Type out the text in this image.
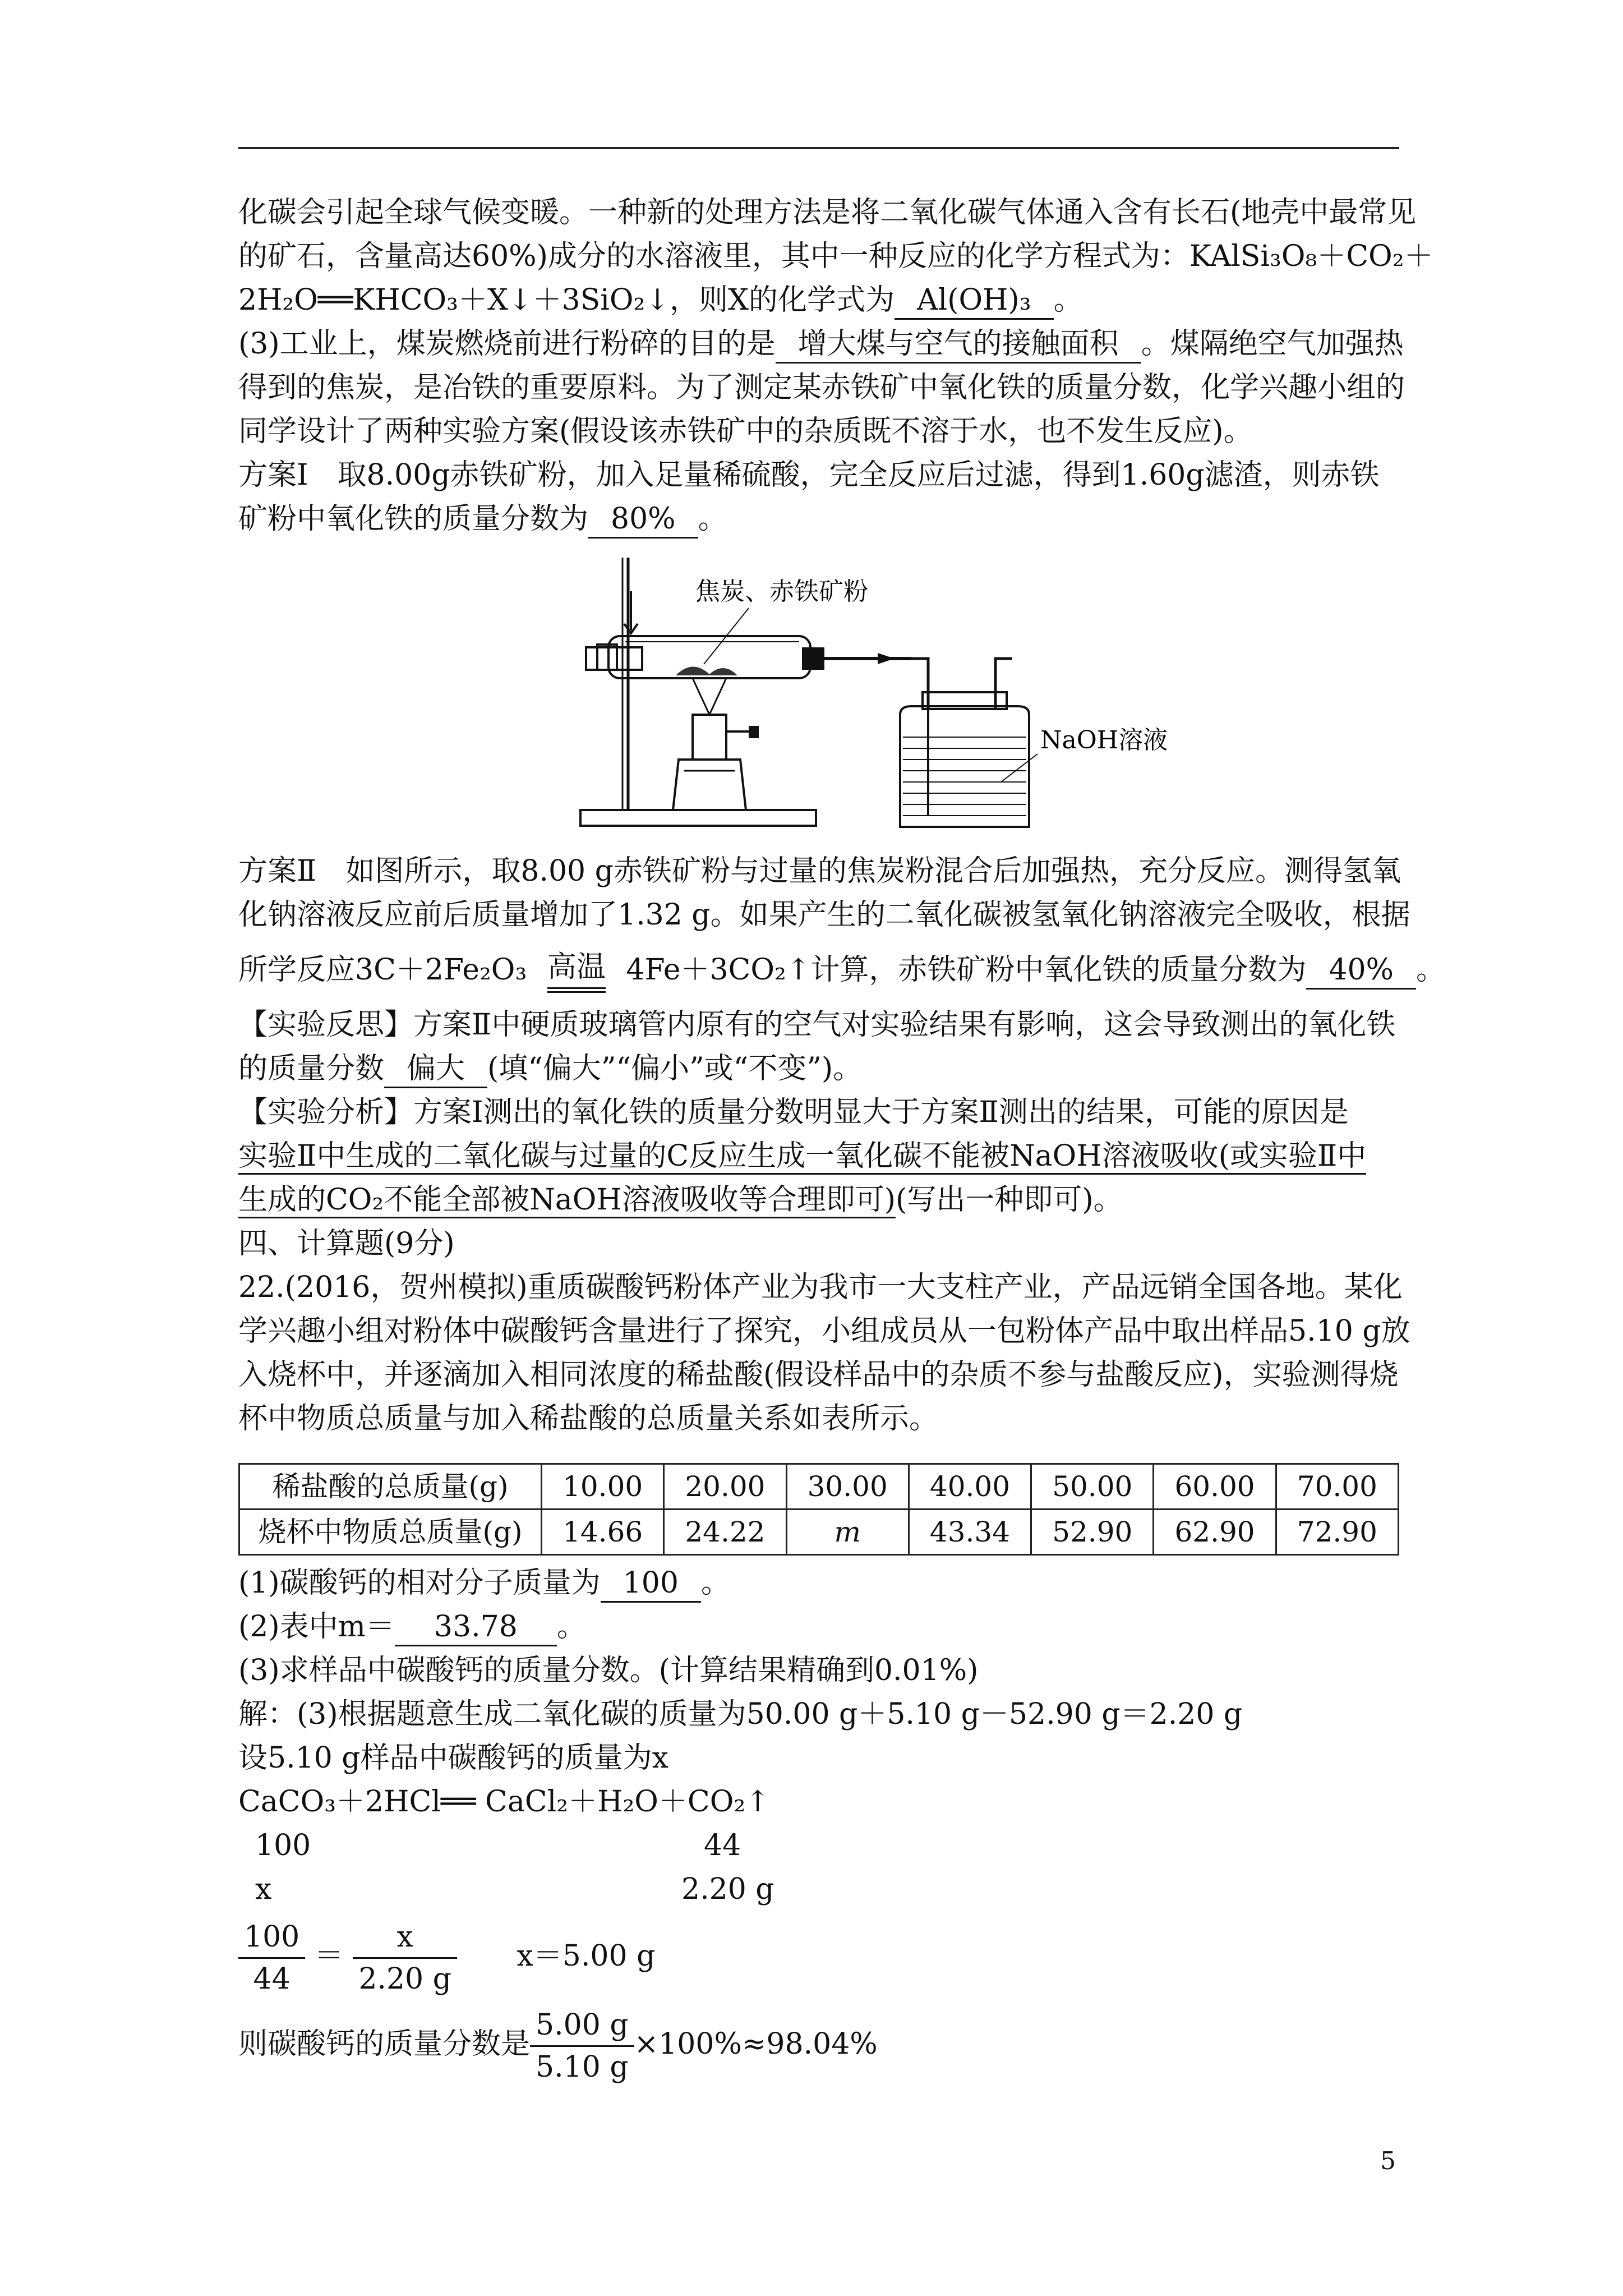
化碳会引起全球气候变暖。一种新的处理方法是将二氧化碳气体通入含有长石(地壳中最常见
的矿石，含量高达60%)成分的水溶液里，其中一种反应的化学方程式为：KAlSi₃O₈＋CO₂＋
2H₂O══KHCO₃＋X↓＋3SiO₂↓，则X的化学式为 Al(OH)₃ 。
(3)工业上，煤炭燃烧前进行粉碎的目的是 增大煤与空气的接触面积 。煤隔绝空气加强热
得到的焦炭，是冶铁的重要原料。为了测定某赤铁矿中氧化铁的质量分数，化学兴趣小组的
同学设计了两种实验方案(假设该赤铁矿中的杂质既不溶于水，也不发生反应)。
方案Ⅰ　取8.00g赤铁矿粉，加入足量稀硫酸，完全反应后过滤，得到1.60g滤渣，则赤铁
矿粉中氧化铁的质量分数为 80% 。
焦炭、赤铁矿粉
NaOH溶液
方案Ⅱ　如图所示，取8.00 g赤铁矿粉与过量的焦炭粉混合后加强热，充分反应。测得氢氧
化钠溶液反应前后质量增加了1.32 g。如果产生的二氧化碳被氢氧化钠溶液完全吸收，根据
所学反应3C＋2Fe₂O₃ 高温 4Fe＋3CO₂↑计算，赤铁矿粉中氧化铁的质量分数为 40% 。
【实验反思】方案Ⅱ中硬质玻璃管内原有的空气对实验结果有影响，这会导致测出的氧化铁
的质量分数 偏大 (填“偏大”“偏小”或“不变”)。
【实验分析】方案Ⅰ测出的氧化铁的质量分数明显大于方案Ⅱ测出的结果，可能的原因是
实验Ⅱ中生成的二氧化碳与过量的C反应生成一氧化碳不能被NaOH溶液吸收(或实验Ⅱ中
生成的CO₂不能全部被NaOH溶液吸收等合理即可)(写出一种即可)。
四、计算题(9分)
22.(2016，贺州模拟)重质碳酸钙粉体产业为我市一大支柱产业，产品远销全国各地。某化
学兴趣小组对粉体中碳酸钙含量进行了探究，小组成员从一包粉体产品中取出样品5.10 g放
入烧杯中，并逐滴加入相同浓度的稀盐酸(假设样品中的杂质不参与盐酸反应)，实验测得烧
杯中物质总质量与加入稀盐酸的总质量关系如表所示。
稀盐酸的总质量(g)	10.00	20.00	30.00	40.00	50.00	60.00	70.00
烧杯中物质总质量(g)	14.66	24.22	m	43.34	52.90	62.90	72.90
(1)碳酸钙的相对分子质量为 100 。
(2)表中m＝ 33.78 。
(3)求样品中碳酸钙的质量分数。(计算结果精确到0.01%)
解：(3)根据题意生成二氧化碳的质量为50.00 g＋5.10 g－52.90 g＝2.20 g
设5.10 g样品中碳酸钙的质量为x
CaCO₃＋2HCl══ CaCl₂＋H₂O＋CO₂↑
100	44
x	2.20 g
$\frac{100}{44} = \frac{x}{2.20 g} x=5.00$ g
则碳酸钙的质量分数是 $\frac{5.00 g}{5.10 g} \times 100\%\approx 98.04\%$
5
